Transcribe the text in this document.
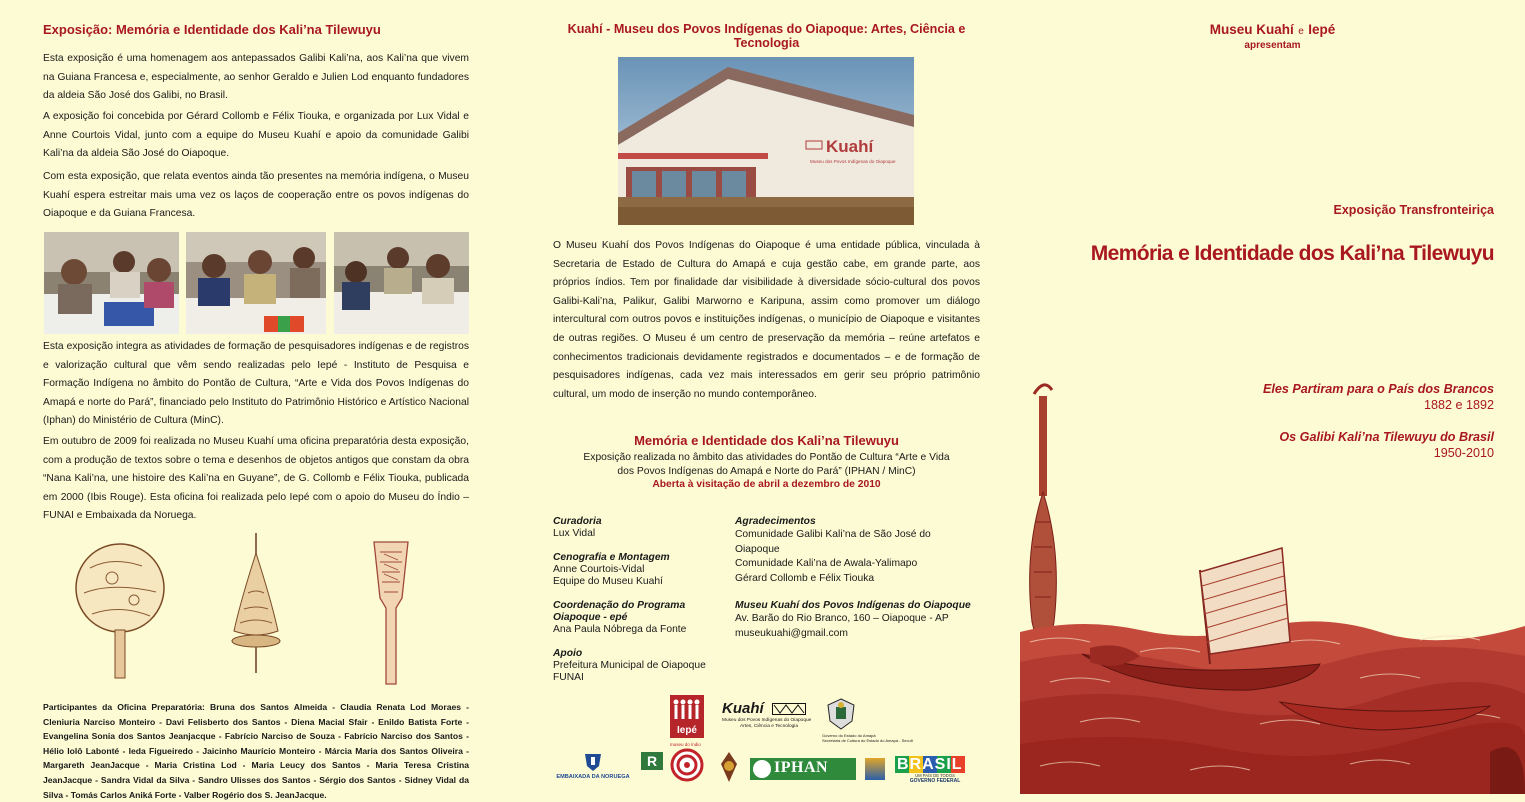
Exposição: Memória e Identidade dos Kali’na Tilewuyu

Esta exposição é uma homenagem aos antepassados Galibi Kali’na, aos Kali’na que vivem na Guiana Francesa e, especialmente, ao senhor Geraldo e Julien Lod enquanto fundadores da aldeia São José dos Galibi, no Brasil.

A exposição foi concebida por Gérard Collomb e Félix Tiouka, e organizada por Lux Vidal e Anne Courtois Vidal, junto com a equipe do Museu Kuahí e apoio da comunidade Galibi Kali’na da aldeia São José do Oiapoque.

Com esta exposição, que relata eventos ainda tão presentes na memória indígena, o Museu Kuahí espera estreitar mais uma vez os laços de cooperação entre os povos indígenas do Oiapoque e da Guiana Francesa.

Esta exposição integra as atividades de formação de pesquisadores indígenas e de registros e valorização cultural que vêm sendo realizadas pelo Iepé - Instituto de Pesquisa e Formação Indígena no âmbito do Pontão de Cultura, “Arte e Vida dos Povos Indígenas do Amapá e norte do Pará”, financiado pelo Instituto do Patrimônio Histórico e Artístico Nacional (Iphan) do Ministério de Cultura (MinC).

Em outubro de 2009 foi realizada no Museu Kuahí uma oficina preparatória desta exposição, com a produção de textos sobre o tema e desenhos de objetos antigos que constam da obra “Nana Kali’na, une histoire des Kali’na en Guyane”, de G. Collomb e Félix Tiouka, publicada em 2000 (Ibis Rouge). Esta oficina foi realizada pelo Iepé com o apoio do Museu do Índio – FUNAI e Embaixada da Noruega.

Participantes da Oficina Preparatória: Bruna dos Santos Almeida - Claudia Renata Lod Moraes - Cleniuria Narciso Monteiro - Davi Felisberto dos Santos - Diena Macial Sfair - Enildo Batista Forte - Evangelina Sonia dos Santos Jeanjacque - Fabrício Narciso de Souza - Fabrício Narciso dos Santos - Hélio Iolô Labonté - Ieda Figueiredo - Jaicinho Maurício Monteiro - Márcia Maria dos Santos Oliveira - Margareth JeanJacque - Maria Cristina Lod - Maria Leucy dos Santos - Maria Teresa Cristina JeanJacque - Sandra Vidal da Silva - Sandro Ulisses dos Santos - Sérgio dos Santos - Sidney Vidal da Silva - Tomás Carlos Aniká Forte - Valber Rogério dos S. JeanJacque.

Kuahí - Museu dos Povos Indígenas do Oiapoque: Artes, Ciência e Tecnologia
Kuahí
Museu dos Povos Indígenas do Oiapoque

O Museu Kuahí dos Povos Indígenas do Oiapoque é uma entidade pública, vinculada à Secretaria de Estado de Cultura do Amapá e cuja gestão cabe, em grande parte, aos próprios índios. Tem por finalidade dar visibilidade à diversidade sócio-cultural dos povos Galibi-Kali’na, Palikur, Galibi Marworno e Karipuna, assim como promover um diálogo intercultural com outros povos e instituições indígenas, o município de Oiapoque e visitantes de outras regiões. O Museu é um centro de preservação da memória – reúne artefatos e conhecimentos tradicionais devidamente registrados e documentados – e de formação de pesquisadores indígenas, cada vez mais interessados em gerir seu próprio patrimônio cultural, um modo de inserção no mundo contemporâneo.

Memória e Identidade dos Kali’na Tilewuyu
Exposição realizada no âmbito das atividades do Pontão de Cultura “Arte e Vida
dos Povos Indígenas do Amapá e Norte do Pará” (IPHAN / MinC)
Aberta à visitação de abril a dezembro de 2010
Curadoria
Lux Vidal
Cenografia e Montagem
Anne Courtois-Vidal
Equipe do Museu Kuahí
Coordenação do Programa Oiapoque - epé
Ana Paula Nóbrega da Fonte
Apoio
Prefeitura Municipal de Oiapoque
FUNAI
Agradecimentos
Comunidade Galibi Kali’na de São José do Oiapoque
Comunidade Kali’na de Awala-Yalimapo
Gérard Collomb e Félix Tiouka
Museu Kuahí dos Povos Indígenas do Oiapoque
Av. Barão do Rio Branco, 160 – Oiapoque - AP
museukuahi@gmail.com
Iepé
Kuahí
Museu dos Povos Indígenas do Oiapoque
Artes, Ciência e Tecnologia
Governo do Estado do Amapá
Secretaria de Cultura do Estado do Amapá - Secult
EMBAIXADA DA NORUEGA
R
museu do índio
IPHAN	BRASIL
UM PAÍS DE TODOS
GOVERNO FEDERAL
Museu Kuahí e Iepé
apresentam
Exposição Transfronteiriça
Memória e Identidade dos Kali’na Tilewuyu
Eles Partiram para o País dos Brancos
1882 e 1892
Os Galibi Kali’na Tilewuyu do Brasil
1950-2010
